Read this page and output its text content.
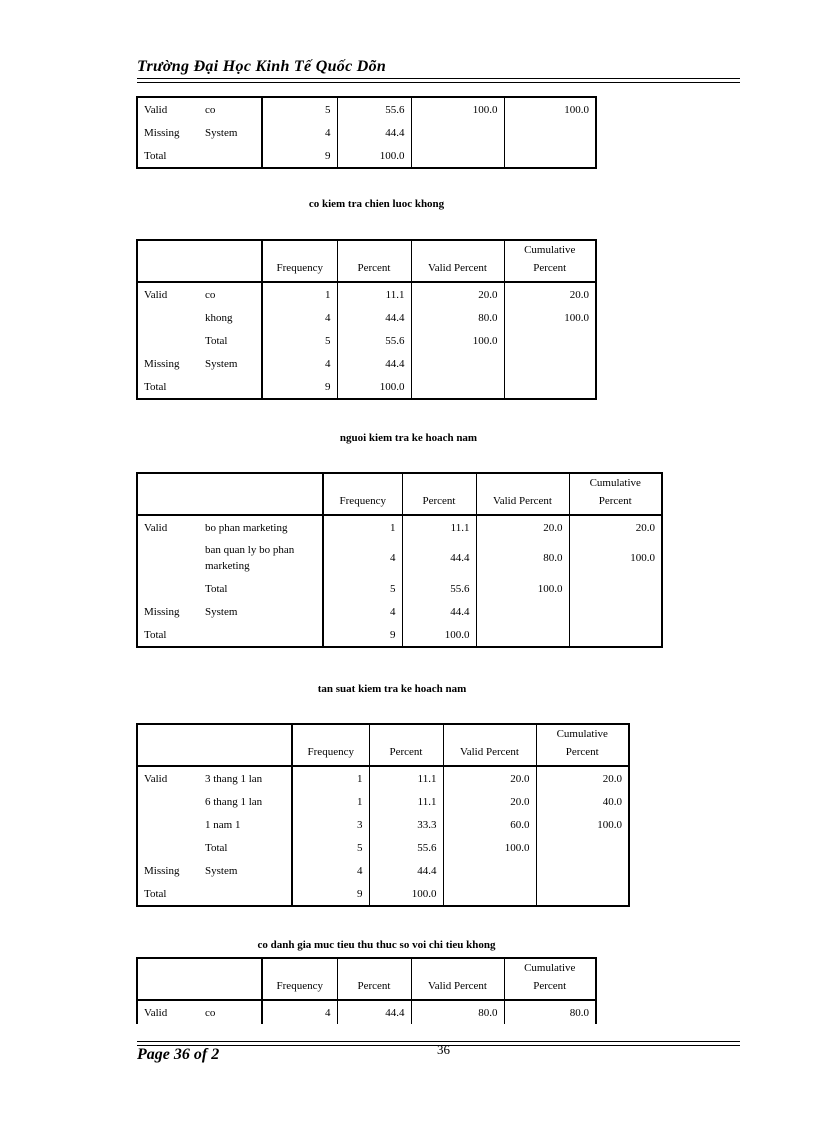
Trường Đại Học Kinh Tế Quốc Dõn
Valid	co	5	55.6	100.0	100.0
Missing	System	4	44.4		
Total		9	100.0		
co kiem tra chien luoc khong
		Frequency	Percent	Valid Percent	Cumulative
Percent

Valid	co	1	11.1	20.0	20.0
	khong	4	44.4	80.0	100.0
	Total	5	55.6	100.0	
Missing	System	4	44.4		
Total		9	100.0		
nguoi kiem tra ke hoach nam
		Frequency	Percent	Valid Percent	Cumulative
Percent

Valid	bo phan marketing	1	11.1	20.0	20.0
	ban quan ly bo phan marketing	4	44.4	80.0	100.0
	Total	5	55.6	100.0	
Missing	System	4	44.4		
Total		9	100.0		
tan suat kiem tra ke hoach nam
		Frequency	Percent	Valid Percent	Cumulative
Percent

Valid	3 thang 1 lan	1	11.1	20.0	20.0
	6 thang 1 lan	1	11.1	20.0	40.0
	1 nam 1	3	33.3	60.0	100.0
	Total	5	55.6	100.0	
Missing	System	4	44.4		
Total		9	100.0		
co danh gia muc tieu thu thuc so voi chi tieu khong
		Frequency	Percent	Valid Percent	Cumulative
Percent

Valid	co	4	44.4	80.0	80.0
Page 36 of 2	36
